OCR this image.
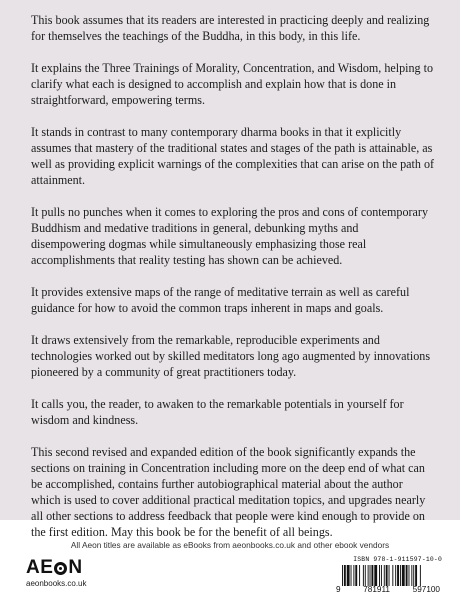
This book assumes that its readers are interested in practicing deeply and realizing for themselves the teachings of the Buddha, in this body, in this life.

It explains the Three Trainings of Morality, Concentration, and Wisdom, helping to clarify what each is designed to accomplish and explain how that is done in straightforward, empowering terms.

It stands in contrast to many contemporary dharma books in that it explicitly assumes that mastery of the traditional states and stages of the path is attainable, as well as providing explicit warnings of the complexities that can arise on the path of attainment.

It pulls no punches when it comes to exploring the pros and cons of contemporary Buddhism and medative traditions in general, debunking myths and disempowering dogmas while simultaneously emphasizing those real accomplishments that reality testing has shown can be achieved.

It provides extensive maps of the range of meditative terrain as well as careful guidance for how to avoid the common traps inherent in maps and goals.

It draws extensively from the remarkable, reproducible experiments and technologies worked out by skilled meditators long ago augmented by innovations pioneered by a community of great practitioners today.

It calls you, the reader, to awaken to the remarkable potentials in yourself for wisdom and kindness.

This second revised and expanded edition of the book significantly expands the sections on training in Concentration including more on the deep end of what can be accomplished, contains further autobiographical material about the author which is used to cover additional practical meditation topics, and upgrades nearly all other sections to address feedback that people were kind enough to provide on the first edition. May this book be for the benefit of all beings.

All Aeon titles are available as eBooks from aeonbooks.co.uk and other ebook vendors
AE N
aeonbooks.co.uk
ISBN 978-1-911597-10-0
9	781911	597100
